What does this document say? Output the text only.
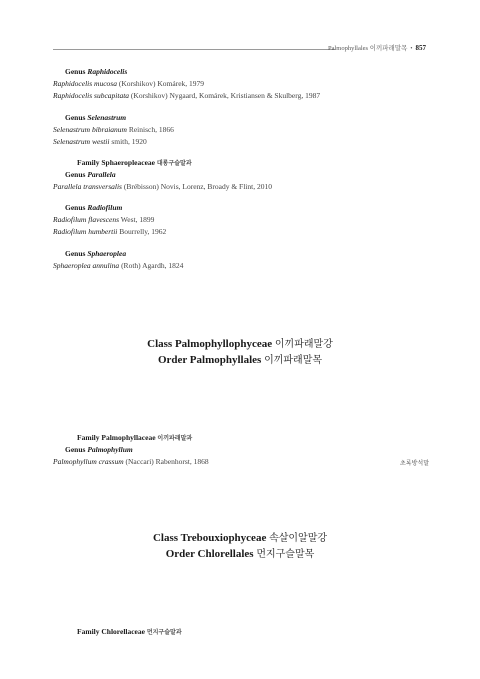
Palmophyllales 이끼파래말목 • 857
Genus Raphidocelis
Raphidocelis mucosa (Korshikov) Komárek, 1979
Raphidocelis subcapitata (Korshikov) Nygaard, Komárek, Kristiansen & Skulberg, 1987
Genus Selenastrum
Selenastrum bibraianum Reinisch, 1866
Selenastrum westii smith, 1920
Family Sphaeropleaceae 대롱구슬말과
Genus Parallela
Parallela transversalis (Brébisson) Novis, Lorenz, Broady & Flint, 2010
Genus Radiofilum
Radiofilum flavescens West, 1899
Radiofilum humbertii Bourrelly, 1962
Genus Sphaeroplea
Sphaeroplea annulina (Roth) Agardh, 1824
Class Palmophyllophyceae 이끼파래말강
Order Palmophyllales 이끼파래말목
Family Palmophyllaceae 이끼파래말과
Genus Palmophyllum
Palmophyllum crassum (Naccari) Rabenhorst, 1868	초록방석말
Class Trebouxiophyceae 속살이알말강
Order Chlorellales 먼지구슬말목
Family Chlorellaceae 먼지구슬말과
